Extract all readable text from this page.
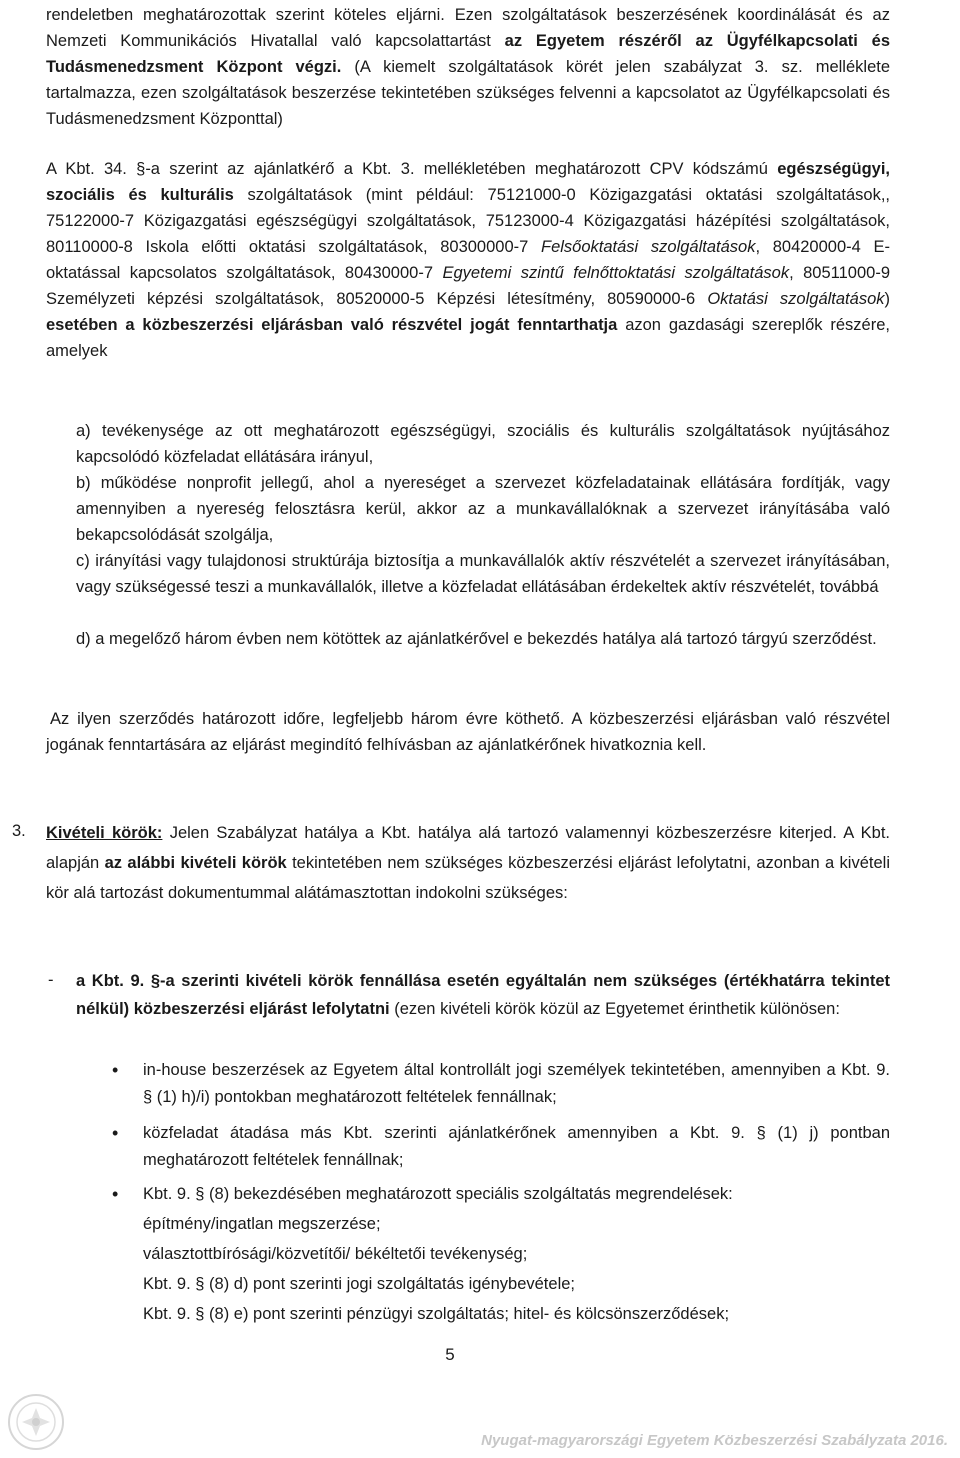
rendeletben meghatározottak szerint köteles eljárni. Ezen szolgáltatások beszerzésének koordinálását és az Nemzeti Kommunikációs Hivatallal való kapcsolattartást az Egyetem részéről az Ügyfélkapcsolati és Tudásmenedzsment Központ végzi. (A kiemelt szolgáltatások körét jelen szabályzat 3. sz. melléklete tartalmazza, ezen szolgáltatások beszerzése tekintetében szükséges felvenni a kapcsolatot az Ügyfélkapcsolati és Tudásmenedzsment Központtal)

A Kbt. 34. §-a szerint az ajánlatkérő a Kbt. 3. mellékletében meghatározott CPV kódszámú egészségügyi, szociális és kulturális szolgáltatások (mint például: 75121000-0 Közigazgatási oktatási szolgáltatások,, 75122000-7 Közigazgatási egészségügyi szolgáltatások, 75123000-4 Közigazgatási házépítési szolgáltatások, 80110000-8 Iskola előtti oktatási szolgáltatások, 80300000-7 Felsőoktatási szolgáltatások, 80420000-4 E-oktatással kapcsolatos szolgáltatások, 80430000-7 Egyetemi szintű felnőttoktatási szolgáltatások, 80511000-9 Személyzeti képzési szolgáltatások, 80520000-5 Képzési létesítmény, 80590000-6 Oktatási szolgáltatások) esetében a közbeszerzési eljárásban való részvétel jogát fenntarthatja azon gazdasági szereplők részére, amelyek

a) tevékenysége az ott meghatározott egészségügyi, szociális és kulturális szolgáltatások nyújtásához kapcsolódó közfeladat ellátására irányul,

b) működése nonprofit jellegű, ahol a nyereséget a szervezet közfeladatainak ellátására fordítják, vagy amennyiben a nyereség felosztásra kerül, akkor az a munkavállalóknak a szervezet irányításába való bekapcsolódását szolgálja,

c) irányítási vagy tulajdonosi struktúrája biztosítja a munkavállalók aktív részvételét a szervezet irányításában, vagy szükségessé teszi a munkavállalók, illetve a közfeladat ellátásában érdekeltek aktív részvételét, továbbá

d) a megelőző három évben nem kötöttek az ajánlatkérővel e bekezdés hatálya alá tartozó tárgyú szerződést.

Az ilyen szerződés határozott időre, legfeljebb három évre köthető. A közbeszerzési eljárásban való részvétel jogának fenntartására az eljárást megindító felhívásban az ajánlatkérőnek hivatkoznia kell.

3. Kivételi körök: Jelen Szabályzat hatálya a Kbt. hatálya alá tartozó valamennyi közbeszerzésre kiterjed. A Kbt. alapján az alábbi kivételi körök tekintetében nem szükséges közbeszerzési eljárást lefolytatni, azonban a kivételi kör alá tartozást dokumentummal alátámasztottan indokolni szükséges:

- a Kbt. 9. §-a szerinti kivételi körök fennállása esetén egyáltalán nem szükséges (értékhatárra tekintet nélkül) közbeszerzési eljárást lefolytatni (ezen kivételi körök közül az Egyetemet érinthetik különösen:

• in-house beszerzések az Egyetem által kontrollált jogi személyek tekintetében, amennyiben a Kbt. 9. § (1) h)/i) pontokban meghatározott feltételek fennállnak;

• közfeladat átadása más Kbt. szerinti ajánlatkérőnek amennyiben a Kbt. 9. § (1) j) pontban meghatározott feltételek fennállnak;

• Kbt. 9. § (8) bekezdésében meghatározott speciális szolgáltatás megrendelések:

építmény/ingatlan megszerzése;

választottbírósági/közvetítői/ békéltetői tevékenység;

Kbt. 9. § (8) d) pont szerinti jogi szolgáltatás igénybevétele;

Kbt. 9. § (8) e) pont szerinti pénzügyi szolgáltatás; hitel- és kölcsönszerződések;

5
Nyugat-magyarországi Egyetem Közbeszerzési Szabályzata 2016.
